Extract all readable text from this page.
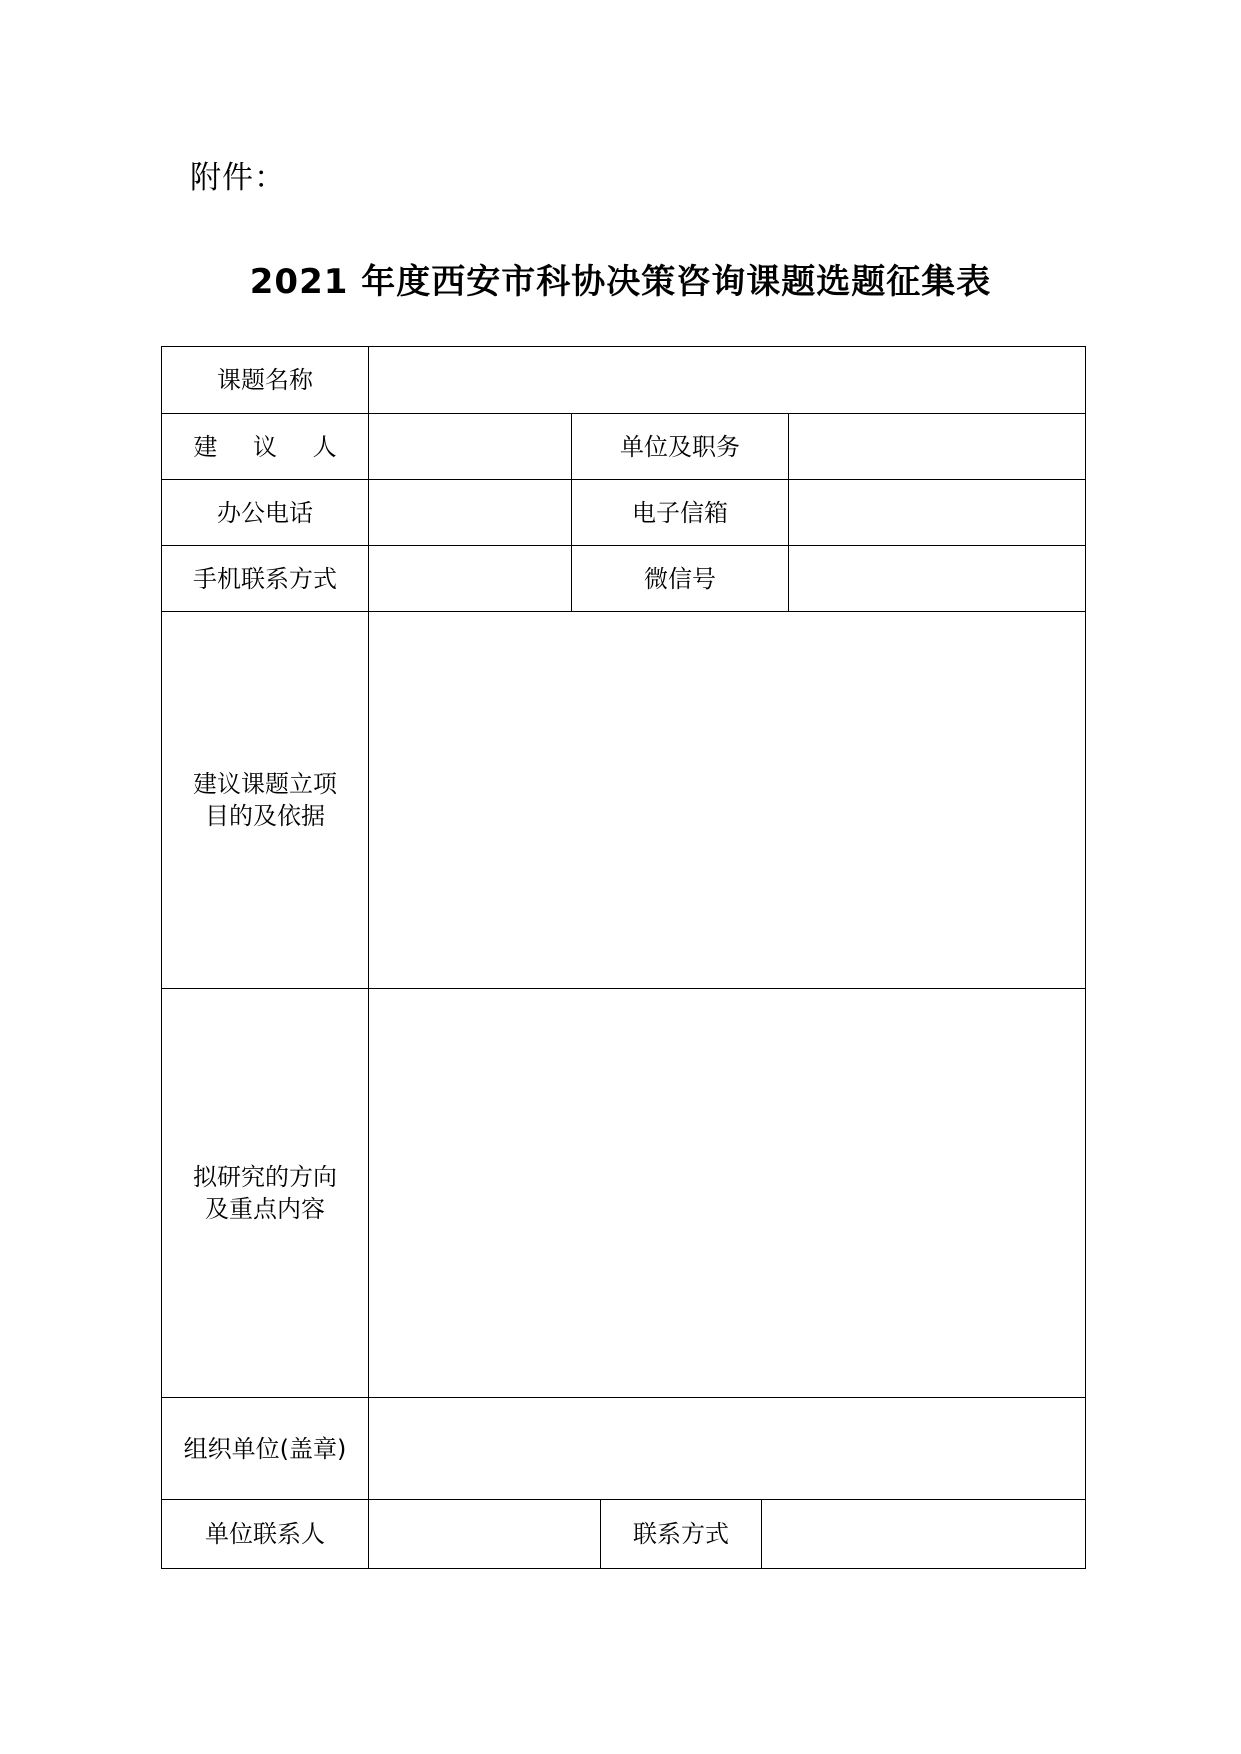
附件：
2021 年度西安市科协决策咨询课题选题征集表
课题名称
建 议 人	单位及职务
办公电话	电子信箱
手机联系方式	微信号
建议课题立项目的及依据
拟研究的方向及重点内容
组织单位(盖章)
单位联系人	联系方式
